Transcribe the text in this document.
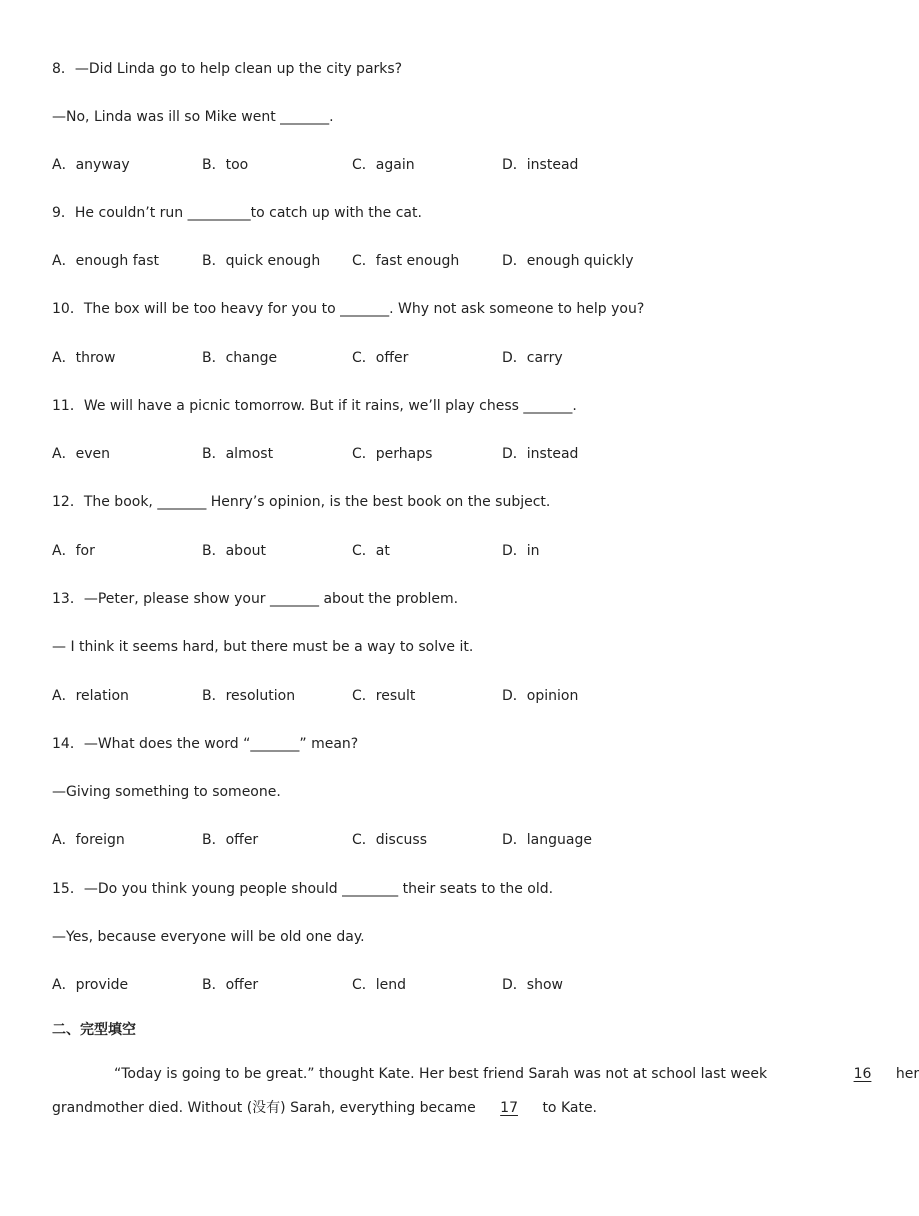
8．—Did Linda go to help clean up the city parks?
—No, Linda was ill so Mike went _______.
A．anyway	B．too	C．again	D．instead
9．He couldn’t run _________to catch up with the cat.
A．enough fast	B．quick enough C．fast enough	D．enough quickly
10．The box will be too heavy for you to _______. Why not ask someone to help you?
A．throw	B．change	C．offer	D．carry
11．We will have a picnic tomorrow. But if it rains, we’ll play chess _______.
A．even	B．almost	C．perhaps	D．instead
12．The book, _______ Henry’s opinion, is the best book on the subject.
A．for	B．about	C．at	D．in
13．—Peter, please show your _______ about the problem.
— I think it seems hard, but there must be a way to solve it.
A．relation	B．resolution	C．result	D．opinion
14．—What does the word “_______” mean?
—Giving something to someone.
A．foreign	B．offer	C．discuss	D．language
15．—Do you think young people should ________ their seats to the old.
—Yes, because everyone will be old one day.
A．provide	B．offer	C．lend	D．show
二、完型填空
“Today is going to be great.” thought Kate. Her best friend Sarah was not at school last week	16 her
grandmother died. Without (没有) Sarah, everything became 17 to Kate.
